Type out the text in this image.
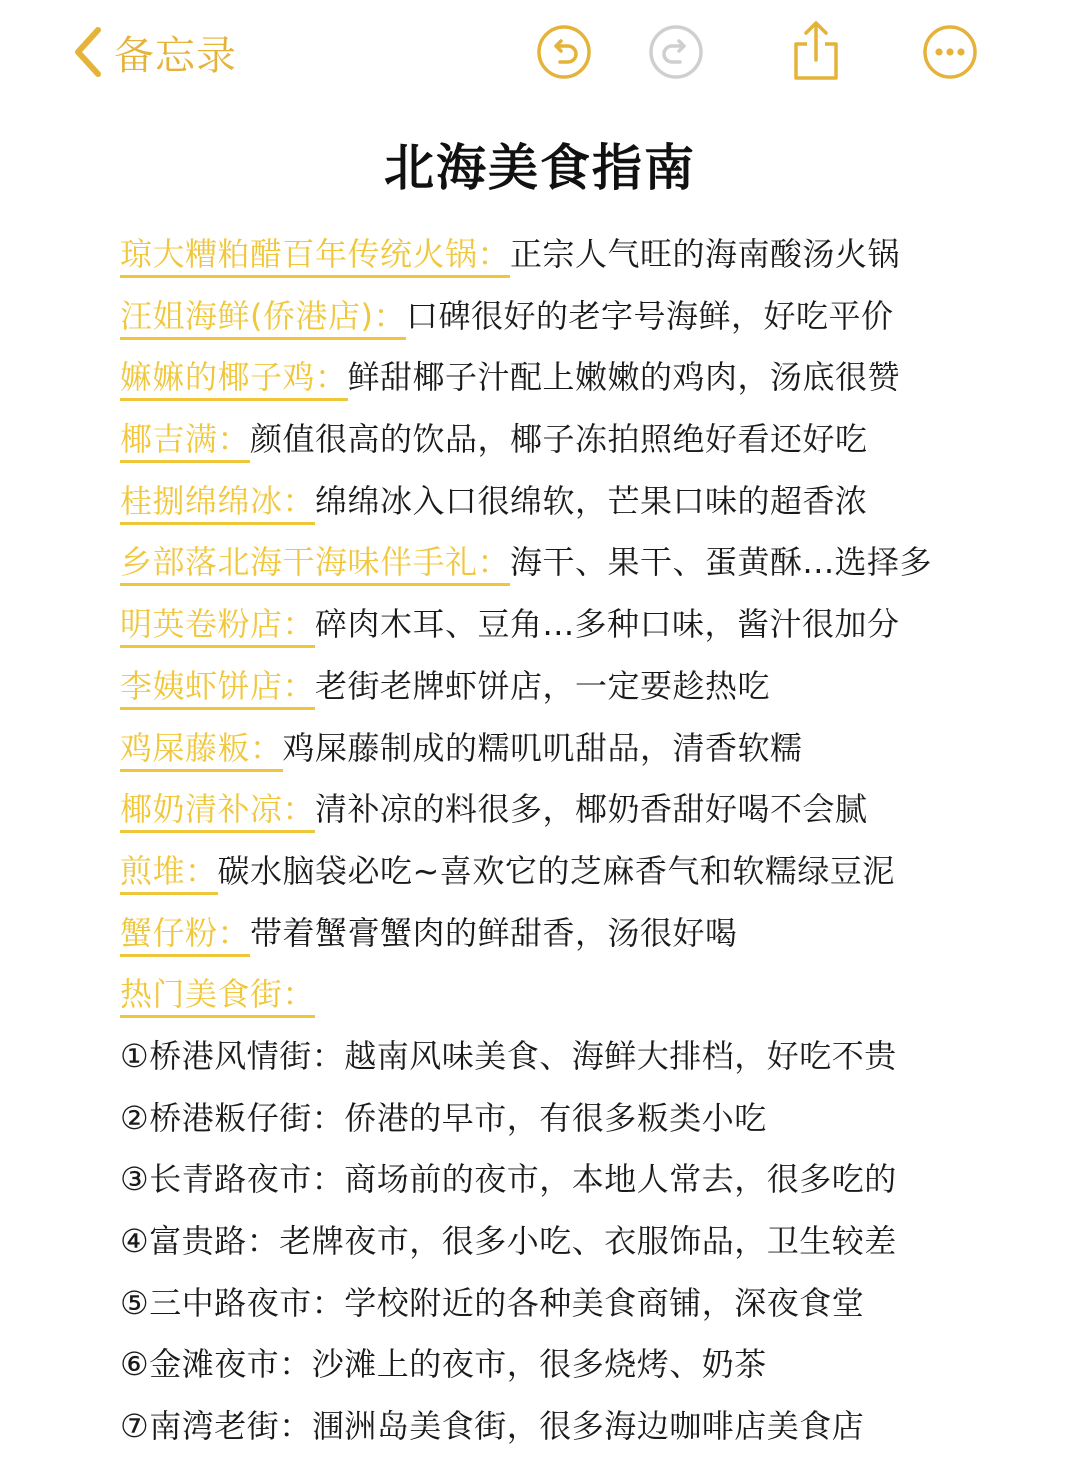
备忘录
北海美食指南
琼大糟粕醋百年传统火锅：正宗人气旺的海南酸汤火锅
汪姐海鲜(侨港店)：口碑很好的老字号海鲜，好吃平价
嫲嫲的椰子鸡：鲜甜椰子汁配上嫩嫩的鸡肉，汤底很赞
椰吉满：颜值很高的饮品，椰子冻拍照绝好看还好吃
桂捌绵绵冰：绵绵冰入口很绵软，芒果口味的超香浓
乡部落北海干海味伴手礼：海干、果干、蛋黄酥...选择多
明英卷粉店：碎肉木耳、豆角...多种口味，酱汁很加分
李姨虾饼店：老街老牌虾饼店，一定要趁热吃
鸡屎藤粄：鸡屎藤制成的糯叽叽甜品，清香软糯
椰奶清补凉：清补凉的料很多，椰奶香甜好喝不会腻
煎堆：碳水脑袋必吃~喜欢它的芝麻香气和软糯绿豆泥
蟹仔粉：带着蟹膏蟹肉的鲜甜香，汤很好喝
热门美食街：
①桥港风情街：越南风味美食、海鲜大排档，好吃不贵
②桥港粄仔街：侨港的早市，有很多粄类小吃
③长青路夜市：商场前的夜市，本地人常去，很多吃的
④富贵路：老牌夜市，很多小吃、衣服饰品，卫生较差
⑤三中路夜市：学校附近的各种美食商铺，深夜食堂
⑥金滩夜市：沙滩上的夜市，很多烧烤、奶茶
⑦南湾老街：涠洲岛美食街，很多海边咖啡店美食店
